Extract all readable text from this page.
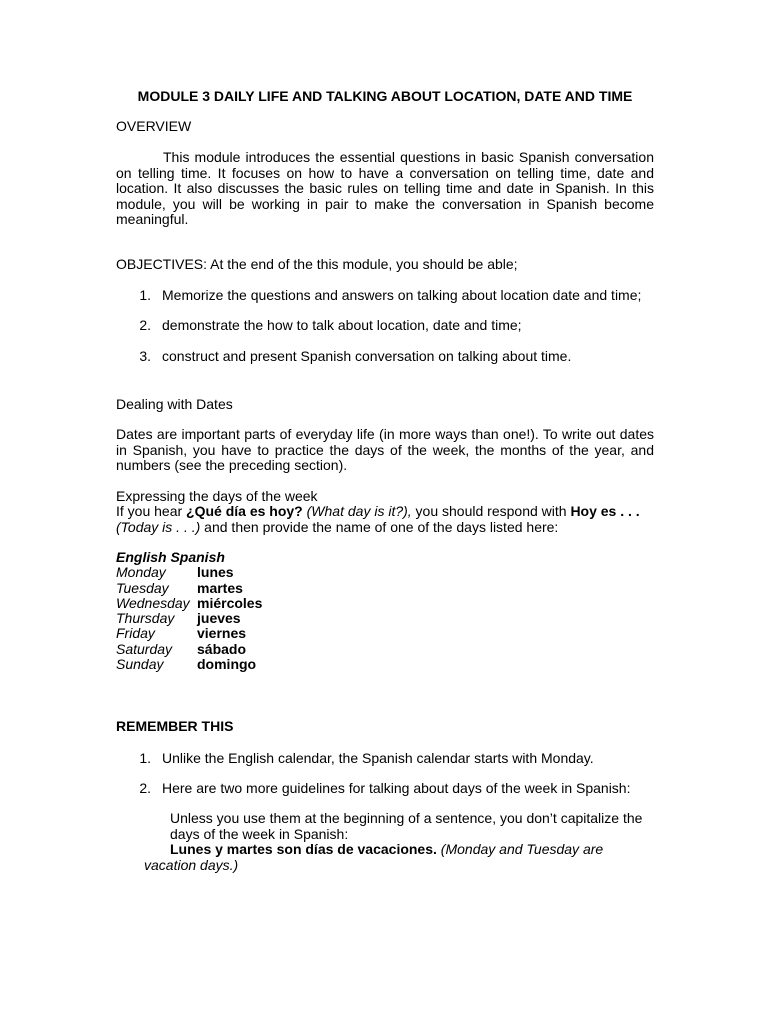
MODULE 3 DAILY LIFE AND TALKING ABOUT LOCATION, DATE AND TIME

OVERVIEW

This module introduces the essential questions in basic Spanish conversation on telling time. It focuses on how to have a conversation on telling time, date and location. It also discusses the basic rules on telling time and date in Spanish. In this module, you will be working in pair to make the conversation in Spanish become meaningful.

OBJECTIVES: At the end of the this module, you should be able;

1. Memorize the questions and answers on talking about location date and time;
2. demonstrate the how to talk about location, date and time;
3. construct and present Spanish conversation on talking about time.

Dealing with Dates

Dates are important parts of everyday life (in more ways than one!). To write out dates in Spanish, you have to practice the days of the week, the months of the year, and numbers (see the preceding section).

Expressing the days of the week

If you hear ¿Qué día es hoy? (What day is it?), you should respond with Hoy es . . . (Today is . . .) and then provide the name of one of the days listed here:

English Spanish
Monday lunes
Tuesday martes
Wednesday miércoles
Thursday jueves
Friday	viernes
Saturday sábado
Sunday domingo

REMEMBER THIS

1. Unlike the English calendar, the Spanish calendar starts with Monday.
2. Here are two more guidelines for talking about days of the week in Spanish:

Unless you use them at the beginning of a sentence, you don’t capitalize the days of the week in Spanish:

Lunes y martes son días de vacaciones. (Monday and Tuesday are vacation days.)
